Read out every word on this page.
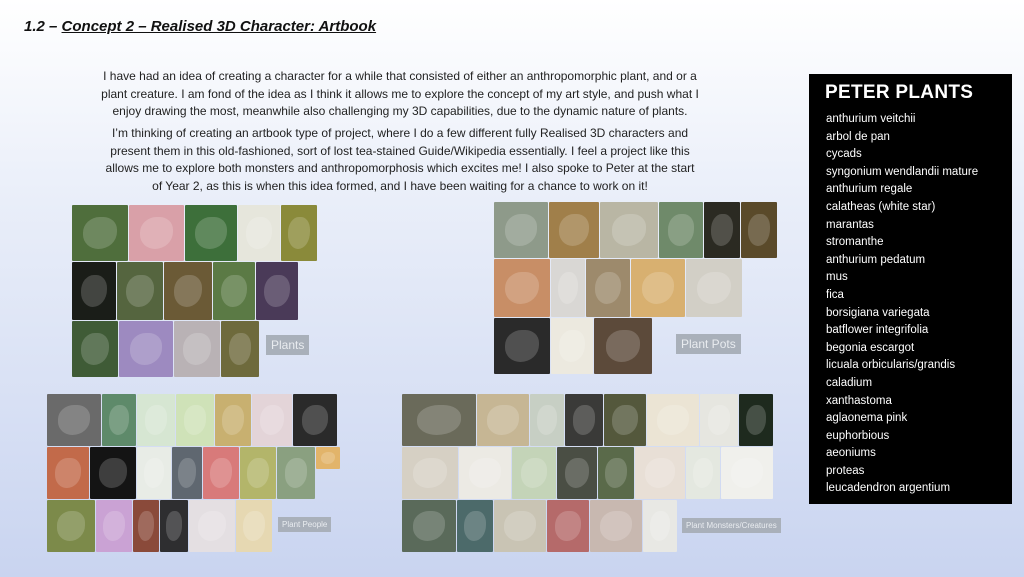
1.2 – Concept 2 – Realised 3D Character: Artbook

I have had an idea of creating a character for a while that consisted of either an anthropomorphic plant, and or a plant creature. I am fond of the idea as I think it allows me to explore the concept of my art style, and push what I enjoy drawing the most, meanwhile also challenging my 3D capabilities, due to the dynamic nature of plants.

I’m thinking of creating an artbook type of project, where I do a few different fully Realised 3D characters and present them in this old-fashioned, sort of lost tea-stained Guide/Wikipedia essentially. I feel a project like this allows me to explore both monsters and anthropomorphosis which excites me! I also spoke to Peter at the start of Year 2, as this is when this idea formed, and I have been waiting for a chance to work on it!

Plants	Plant Pots
Plant People	Plant Monsters/Creatures
PETER PLANTS
anthurium veitchii
arbol de pan
cycads
syngonium wendlandii mature
anthurium regale
calatheas (white star)
marantas
stromanthe
anthurium pedatum
mus
fica
borsigiana variegata
batflower integrifolia
begonia escargot
licuala orbicularis/grandis
caladium
xanthastoma
aglaonema pink
euphorbious
aeoniums
proteas
leucadendron argentium
